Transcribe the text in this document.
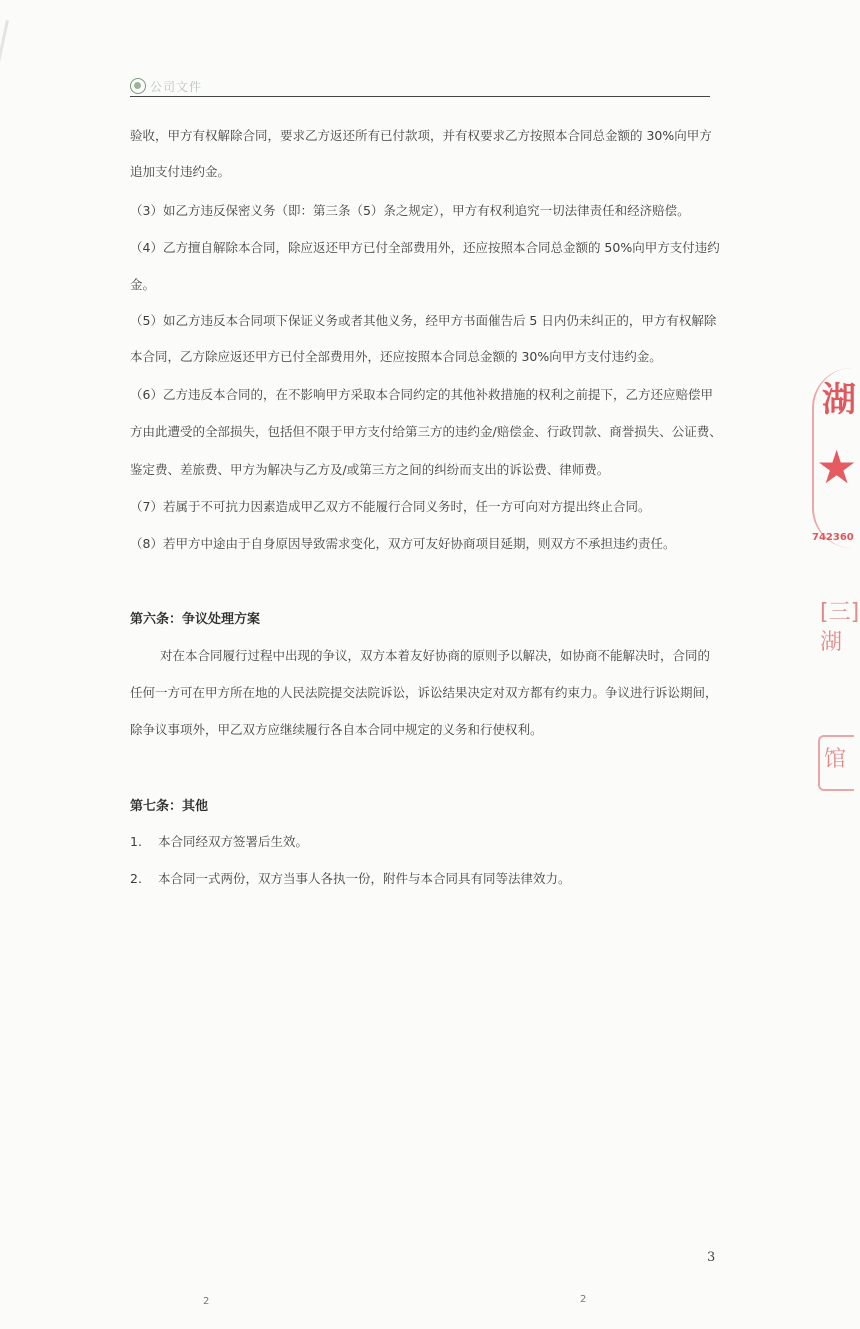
公司文件
验收，甲方有权解除合同，要求乙方返还所有已付款项，并有权要求乙方按照本合同总金额的 30%向甲方
追加支付违约金。
（3）如乙方违反保密义务（即：第三条（5）条之规定），甲方有权利追究一切法律责任和经济赔偿。
（4）乙方擅自解除本合同，除应返还甲方已付全部费用外，还应按照本合同总金额的 50%向甲方支付违约
金。
（5）如乙方违反本合同项下保证义务或者其他义务，经甲方书面催告后 5 日内仍未纠正的，甲方有权解除
本合同，乙方除应返还甲方已付全部费用外，还应按照本合同总金额的 30%向甲方支付违约金。
（6）乙方违反本合同的，在不影响甲方采取本合同约定的其他补救措施的权利之前提下，乙方还应赔偿甲
方由此遭受的全部损失，包括但不限于甲方支付给第三方的违约金/赔偿金、行政罚款、商誉损失、公证费、
鉴定费、差旅费、甲方为解决与乙方及/或第三方之间的纠纷而支出的诉讼费、律师费。
（7）若属于不可抗力因素造成甲乙双方不能履行合同义务时，任一方可向对方提出终止合同。
（8）若甲方中途由于自身原因导致需求变化，双方可友好协商项目延期，则双方不承担违约责任。
第六条：争议处理方案
对在本合同履行过程中出现的争议，双方本着友好协商的原则予以解决，如协商不能解决时，合同的
任何一方可在甲方所在地的人民法院提交法院诉讼，诉讼结果决定对双方都有约束力。争议进行诉讼期间，
除争议事项外，甲乙双方应继续履行各自本合同中规定的义务和行使权利。
第七条：其他
1. 本合同经双方签署后生效。
2. 本合同一式两份，双方当事人各执一份，附件与本合同具有同等法律效力。
湖
★
742360
[三]
湖
馆
3
2	2
